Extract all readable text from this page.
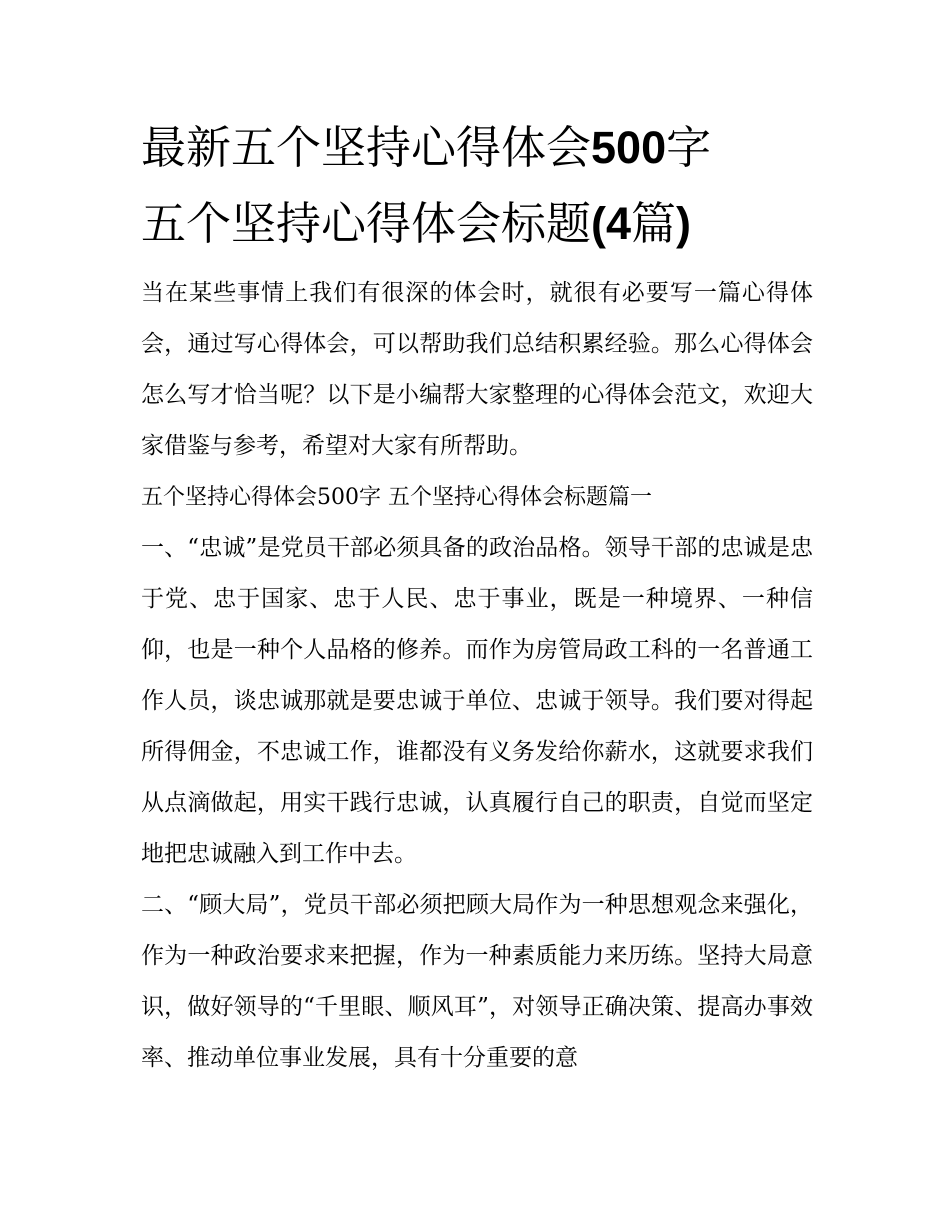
最新五个坚持心得体会500字
五个坚持心得体会标题(4篇)

当在某些事情上我们有很深的体会时，就很有必要写一篇心得体会，通过写心得体会，可以帮助我们总结积累经验。那么心得体会怎么写才恰当呢？以下是小编帮大家整理的心得体会范文，欢迎大家借鉴与参考，希望对大家有所帮助。

五个坚持心得体会500字 五个坚持心得体会标题篇一

一、“忠诚”是党员干部必须具备的政治品格。领导干部的忠诚是忠于党、忠于国家、忠于人民、忠于事业，既是一种境界、一种信仰，也是一种个人品格的修养。而作为房管局政工科的一名普通工作人员，谈忠诚那就是要忠诚于单位、忠诚于领导。我们要对得起所得佣金，不忠诚工作，谁都没有义务发给你薪水，这就要求我们从点滴做起，用实干践行忠诚，认真履行自己的职责，自觉而坚定地把忠诚融入到工作中去。

二、“顾大局”，党员干部必须把顾大局作为一种思想观念来强化，作为一种政治要求来把握，作为一种素质能力来历练。坚持大局意识，做好领导的“千里眼、顺风耳”，对领导正确决策、提高办事效率、推动单位事业发展，具有十分重要的意
